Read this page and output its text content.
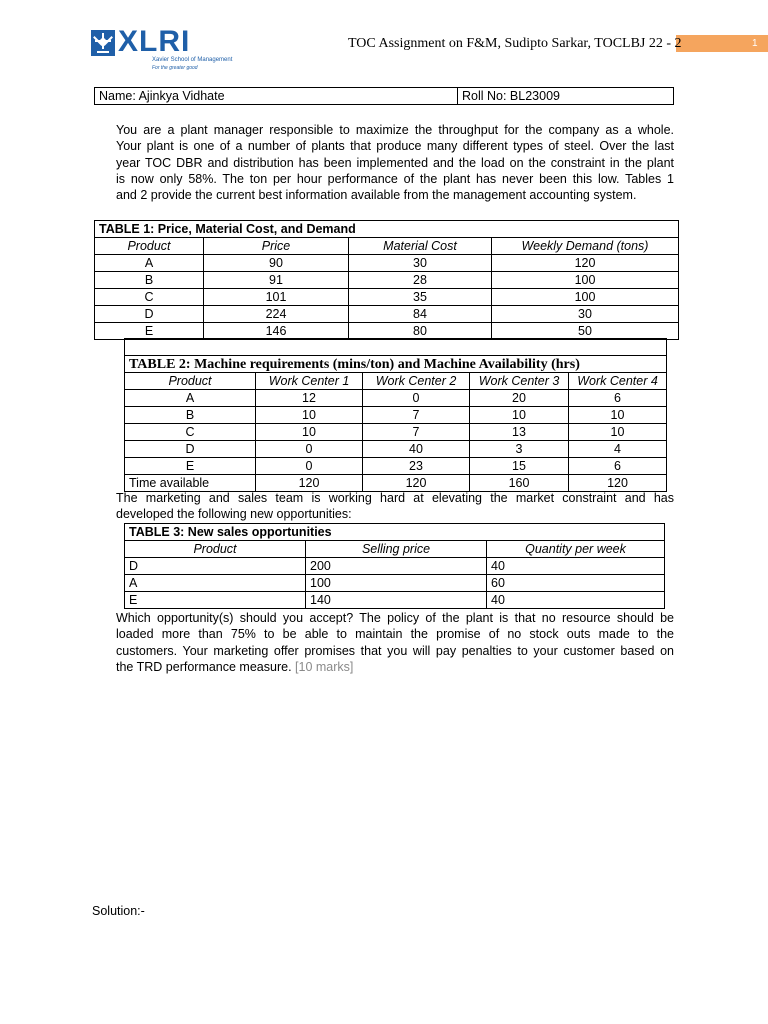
XLRI
Xavier School of Management
For the greater good
TOC Assignment on F&M, Sudipto Sarkar, TOCLBJ 22 - 2	1
Name: Ajinkya Vidhate	Roll No: BL23009
You are a plant manager responsible to maximize the throughput for the company as a whole.
Your plant is one of a number of plants that produce many different types of steel. Over the last
year TOC DBR and distribution has been implemented and the load on the constraint in the plant
is now only 58%. The ton per hour performance of the plant has never been this low. Tables 1
and 2 provide the current best information available from the management accounting system.
TABLE 1: Price, Material Cost, and Demand			
Product	Price	Material Cost	Weekly Demand (tons)
A	90	30	120
B	91	28	100
C	101	35	100
D	224	84	30
E	146	80	50

TABLE 2: Machine requirements (mins/ton) and Machine Availability (hrs)				
Product	Work Center 1	Work Center 2	Work Center 3	Work Center 4
A	12	0	20	6
B	10	7	10	10
C	10	7	13	10
D	0	40	3	4
E	0	23	15	6
Time available	120	120	160	120
The marketing and sales team is working hard at elevating the market constraint and has
developed the following new opportunities:
TABLE 3: New sales opportunities		
Product	Selling price	Quantity per week
D	200	40
A	100	60
E	140	40
Which opportunity(s) should you accept? The policy of the plant is that no resource should be
loaded more than 75% to be able to maintain the promise of no stock outs made to the
customers. Your marketing offer promises that you will pay penalties to your customer based on
the TRD performance measure. [10 marks]
Solution:-
